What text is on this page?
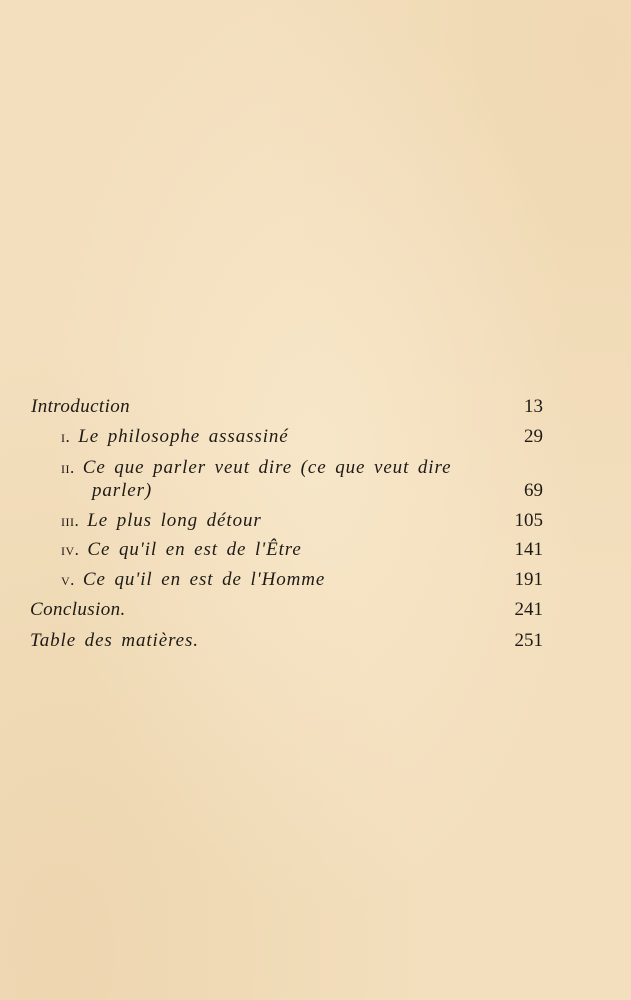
Introduction	13
i. Le philosophe assassiné	29
ii. Ce que parler veut dire (ce que veut dire
parler)	69
iii. Le plus long détour	105
iv. Ce qu'il en est de l'Être	141
v. Ce qu'il en est de l'Homme	191
Conclusion.	241
Table des matières.	251
